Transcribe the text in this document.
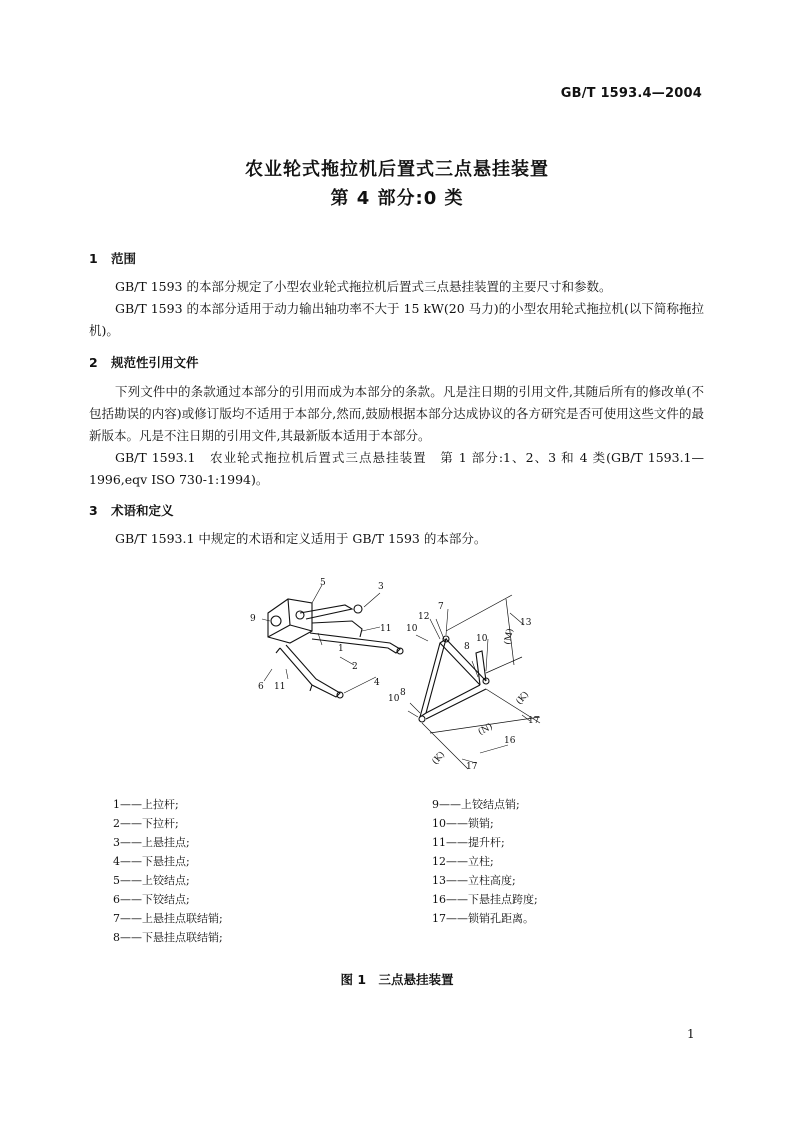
GB/T 1593.4—2004
农业轮式拖拉机后置式三点悬挂装置
第 4 部分:0 类
1 范围
GB/T 1593 的本部分规定了小型农业轮式拖拉机后置式三点悬挂装置的主要尺寸和参数。
GB/T 1593 的本部分适用于动力输出轴功率不大于 15 kW(20 马力)的小型农用轮式拖拉机(以下简称拖拉机)。
2 规范性引用文件
下列文件中的条款通过本部分的引用而成为本部分的条款。凡是注日期的引用文件,其随后所有的修改单(不包括勘误的内容)或修订版均不适用于本部分,然而,鼓励根据本部分达成协议的各方研究是否可使用这些文件的最新版本。凡是不注日期的引用文件,其最新版本适用于本部分。
GB/T 1593.1　农业轮式拖拉机后置式三点悬挂装置　第 1 部分:1、2、3 和 4 类(GB/T 1593.1—1996,eqv ISO 730-1:1994)。
3 术语和定义
GB/T 1593.1 中规定的术语和定义适用于 GB/T 1593 的本部分。
5	3
9
11
1
2
4
6 11
7
12
10
10
8
13
8
10
17
16
17
(M)
(N)
(K)
(K)
1——上拉杆;
2——下拉杆;
3——上悬挂点;
4——下悬挂点;
5——上铰结点;
6——下铰结点;
7——上悬挂点联结销;
8——下悬挂点联结销;
9——上铰结点销;
10——锁销;
11——提升杆;
12——立柱;
13——立柱高度;
16——下悬挂点跨度;
17——锁销孔距离。
图 1　三点悬挂装置
1
